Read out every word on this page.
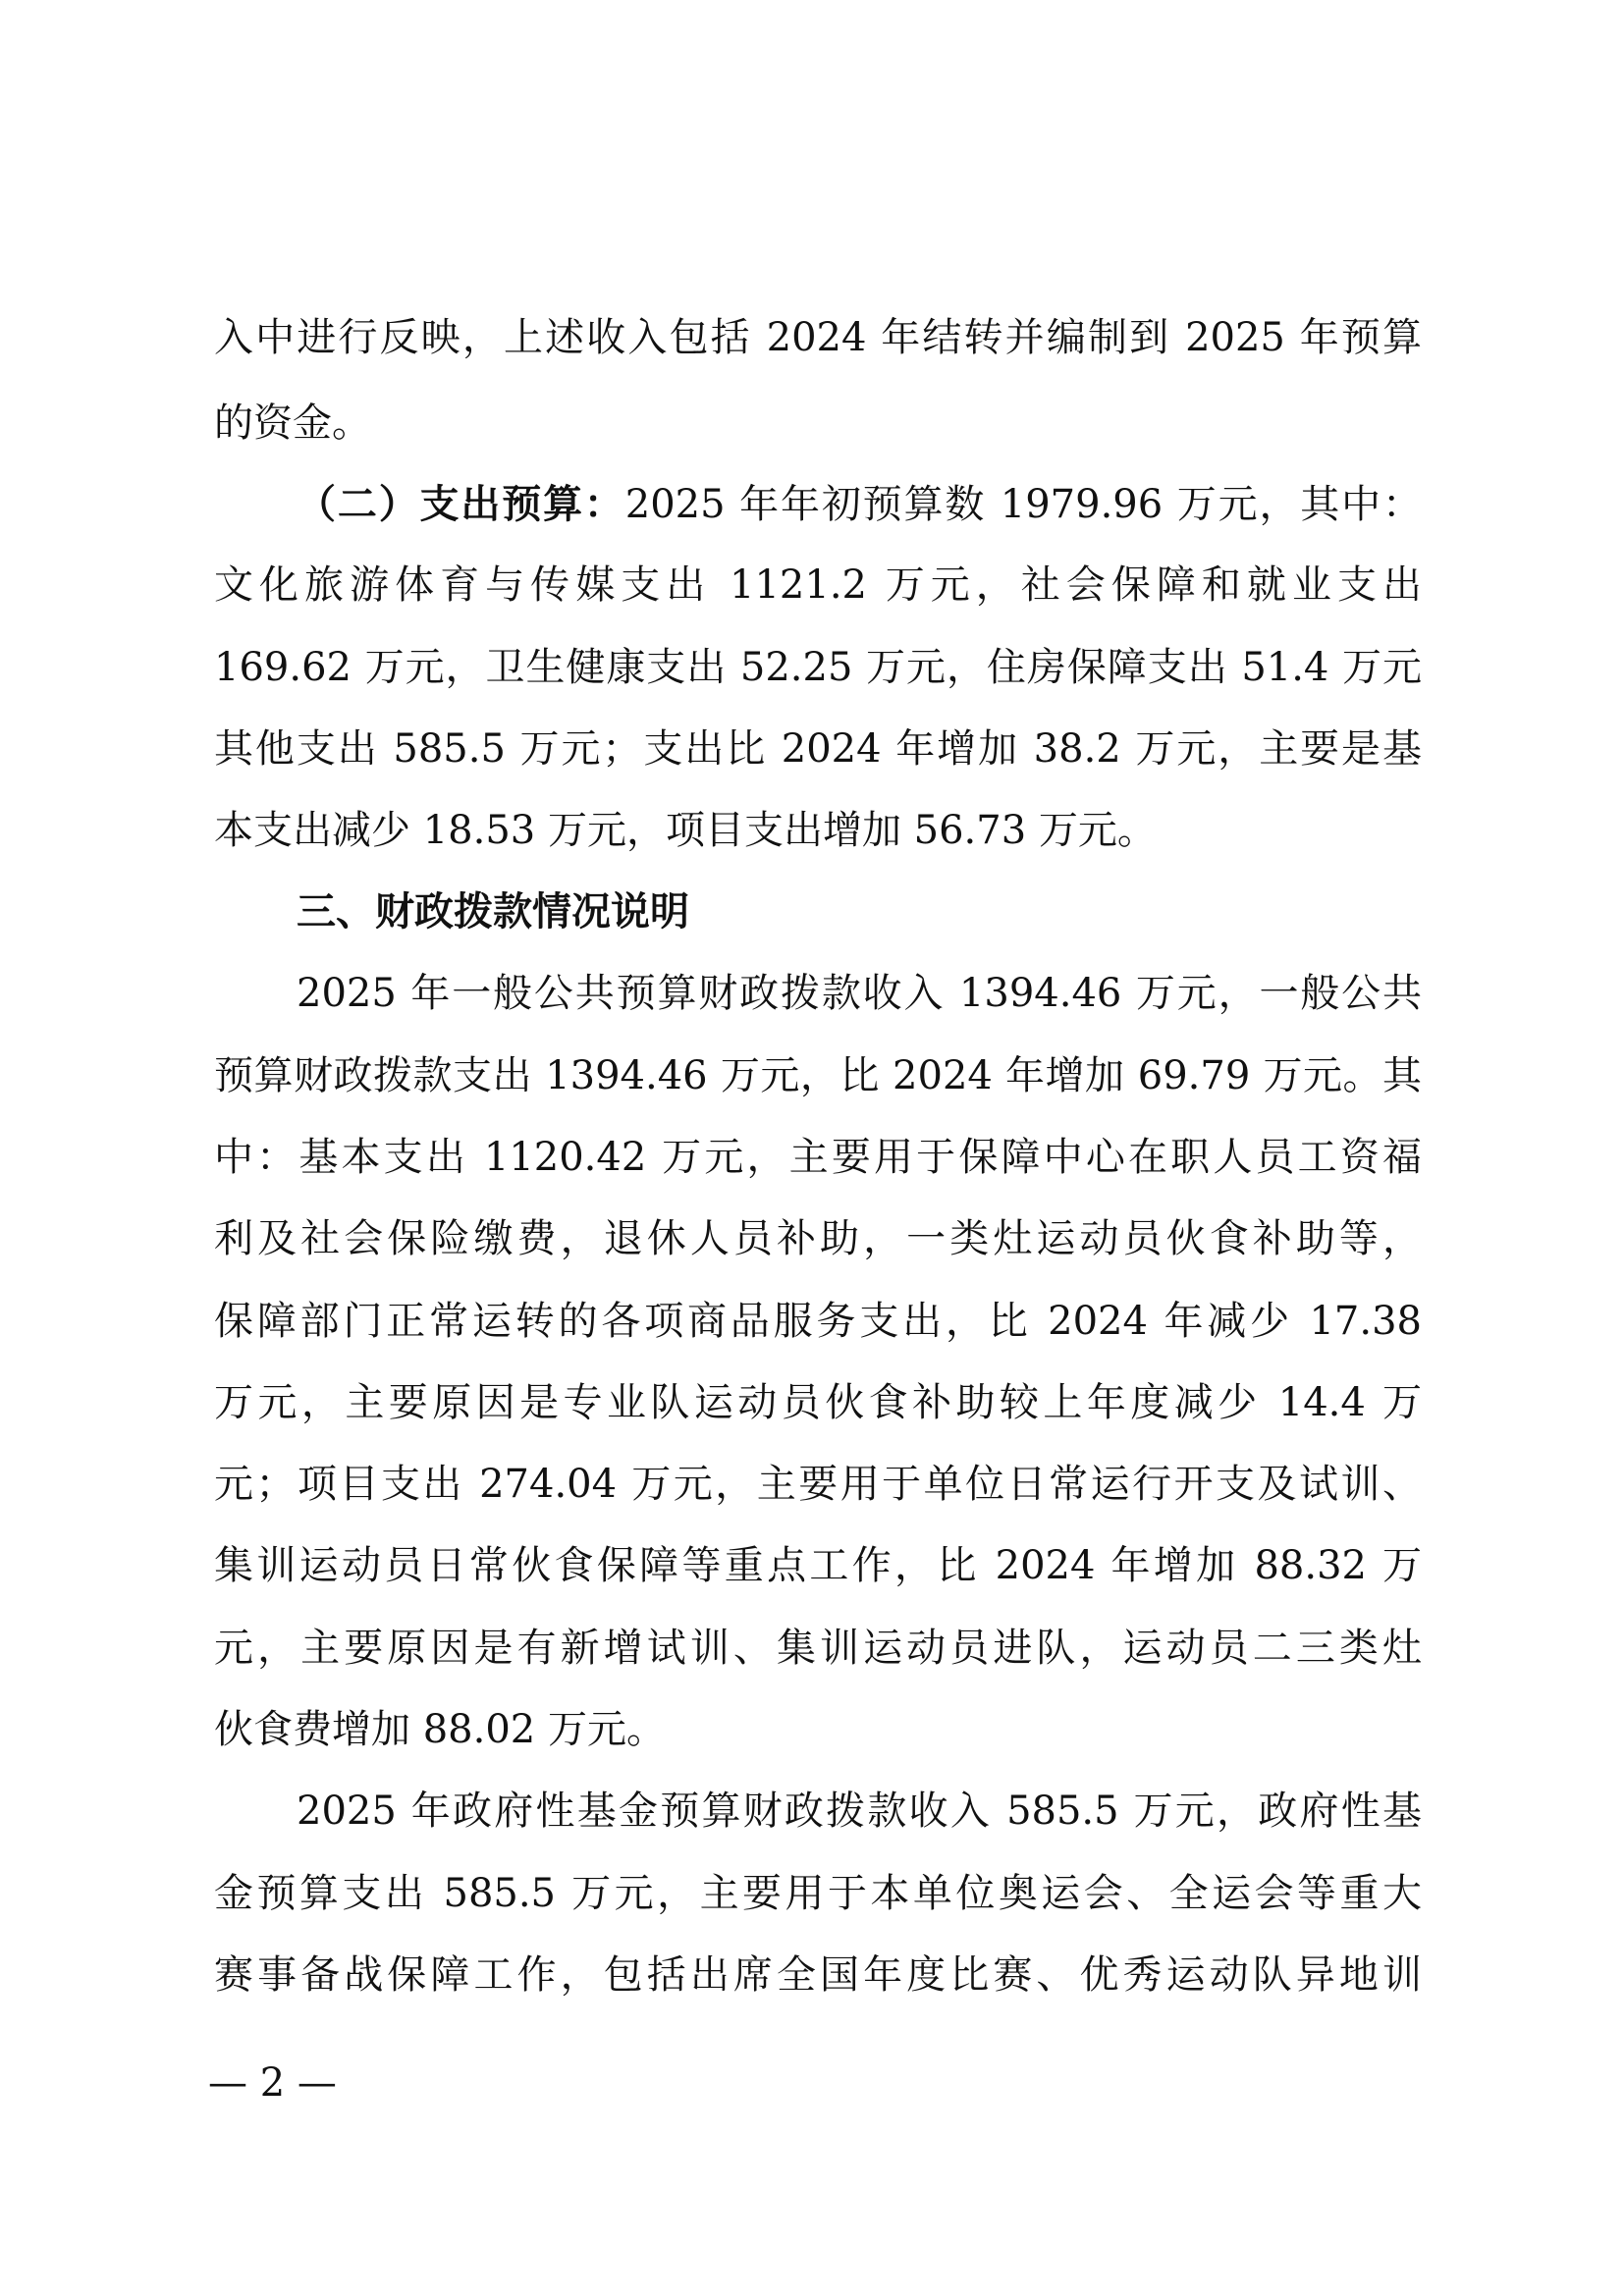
入中进行反映，上述收入包括 2024 年结转并编制到 2025 年预算
的资金。
（二）支出预算：2025 年年初预算数 1979.96 万元，其中：
文化旅游体育与传媒支出 1121.2 万元，社会保障和就业支出
169.62 万元，卫生健康支出 52.25 万元，住房保障支出 51.4 万元
其他支出 585.5 万元；支出比 2024 年增加 38.2 万元，主要是基
本支出减少 18.53 万元，项目支出增加 56.73 万元。
三、财政拨款情况说明
2025 年一般公共预算财政拨款收入 1394.46 万元，一般公共
预算财政拨款支出 1394.46 万元，比 2024 年增加 69.79 万元。其
中：基本支出 1120.42 万元，主要用于保障中心在职人员工资福
利及社会保险缴费，退休人员补助，一类灶运动员伙食补助等，
保障部门正常运转的各项商品服务支出，比 2024 年减少 17.38
万元，主要原因是专业队运动员伙食补助较上年度减少 14.4 万
元；项目支出 274.04 万元，主要用于单位日常运行开支及试训、
集训运动员日常伙食保障等重点工作，比 2024 年增加 88.32 万
元，主要原因是有新增试训、集训运动员进队，运动员二三类灶
伙食费增加 88.02 万元。
2025 年政府性基金预算财政拨款收入 585.5 万元，政府性基
金预算支出 585.5 万元，主要用于本单位奥运会、全运会等重大
赛事备战保障工作，包括出席全国年度比赛、优秀运动队异地训
— 2 —
